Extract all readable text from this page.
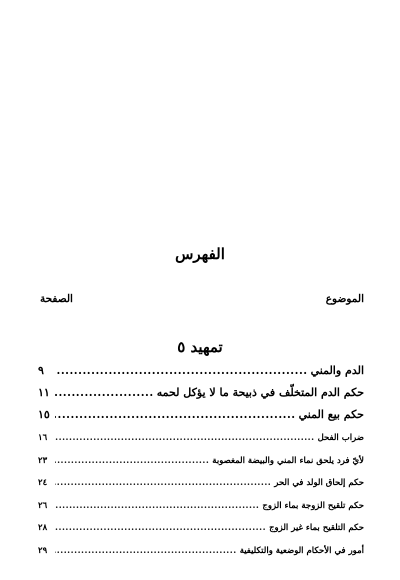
الفهرس
الموضوع
الصفحة
تمهيد ٥
الدم والمني
.....
٩
حكم الدم المتخلّف في ذبيحة ما لا يؤكل لحمه
.....
١١
حكم بيع المني
.....
١٥
ضراب الفحل
.....
١٦
لأيّ فرد يلحق نماء المني والبيضة المغصوبة
.....
٢٣
حكم إلحاق الولد في الحر
.....
٢٤
حكم تلقيح الزوجة بماء الزوج
.....
٢٦
حكم التلقيح بماء غير الزوج
.....
٢٨
أمور في الأحكام الوضعية والتكليفية
.....
٢٩
